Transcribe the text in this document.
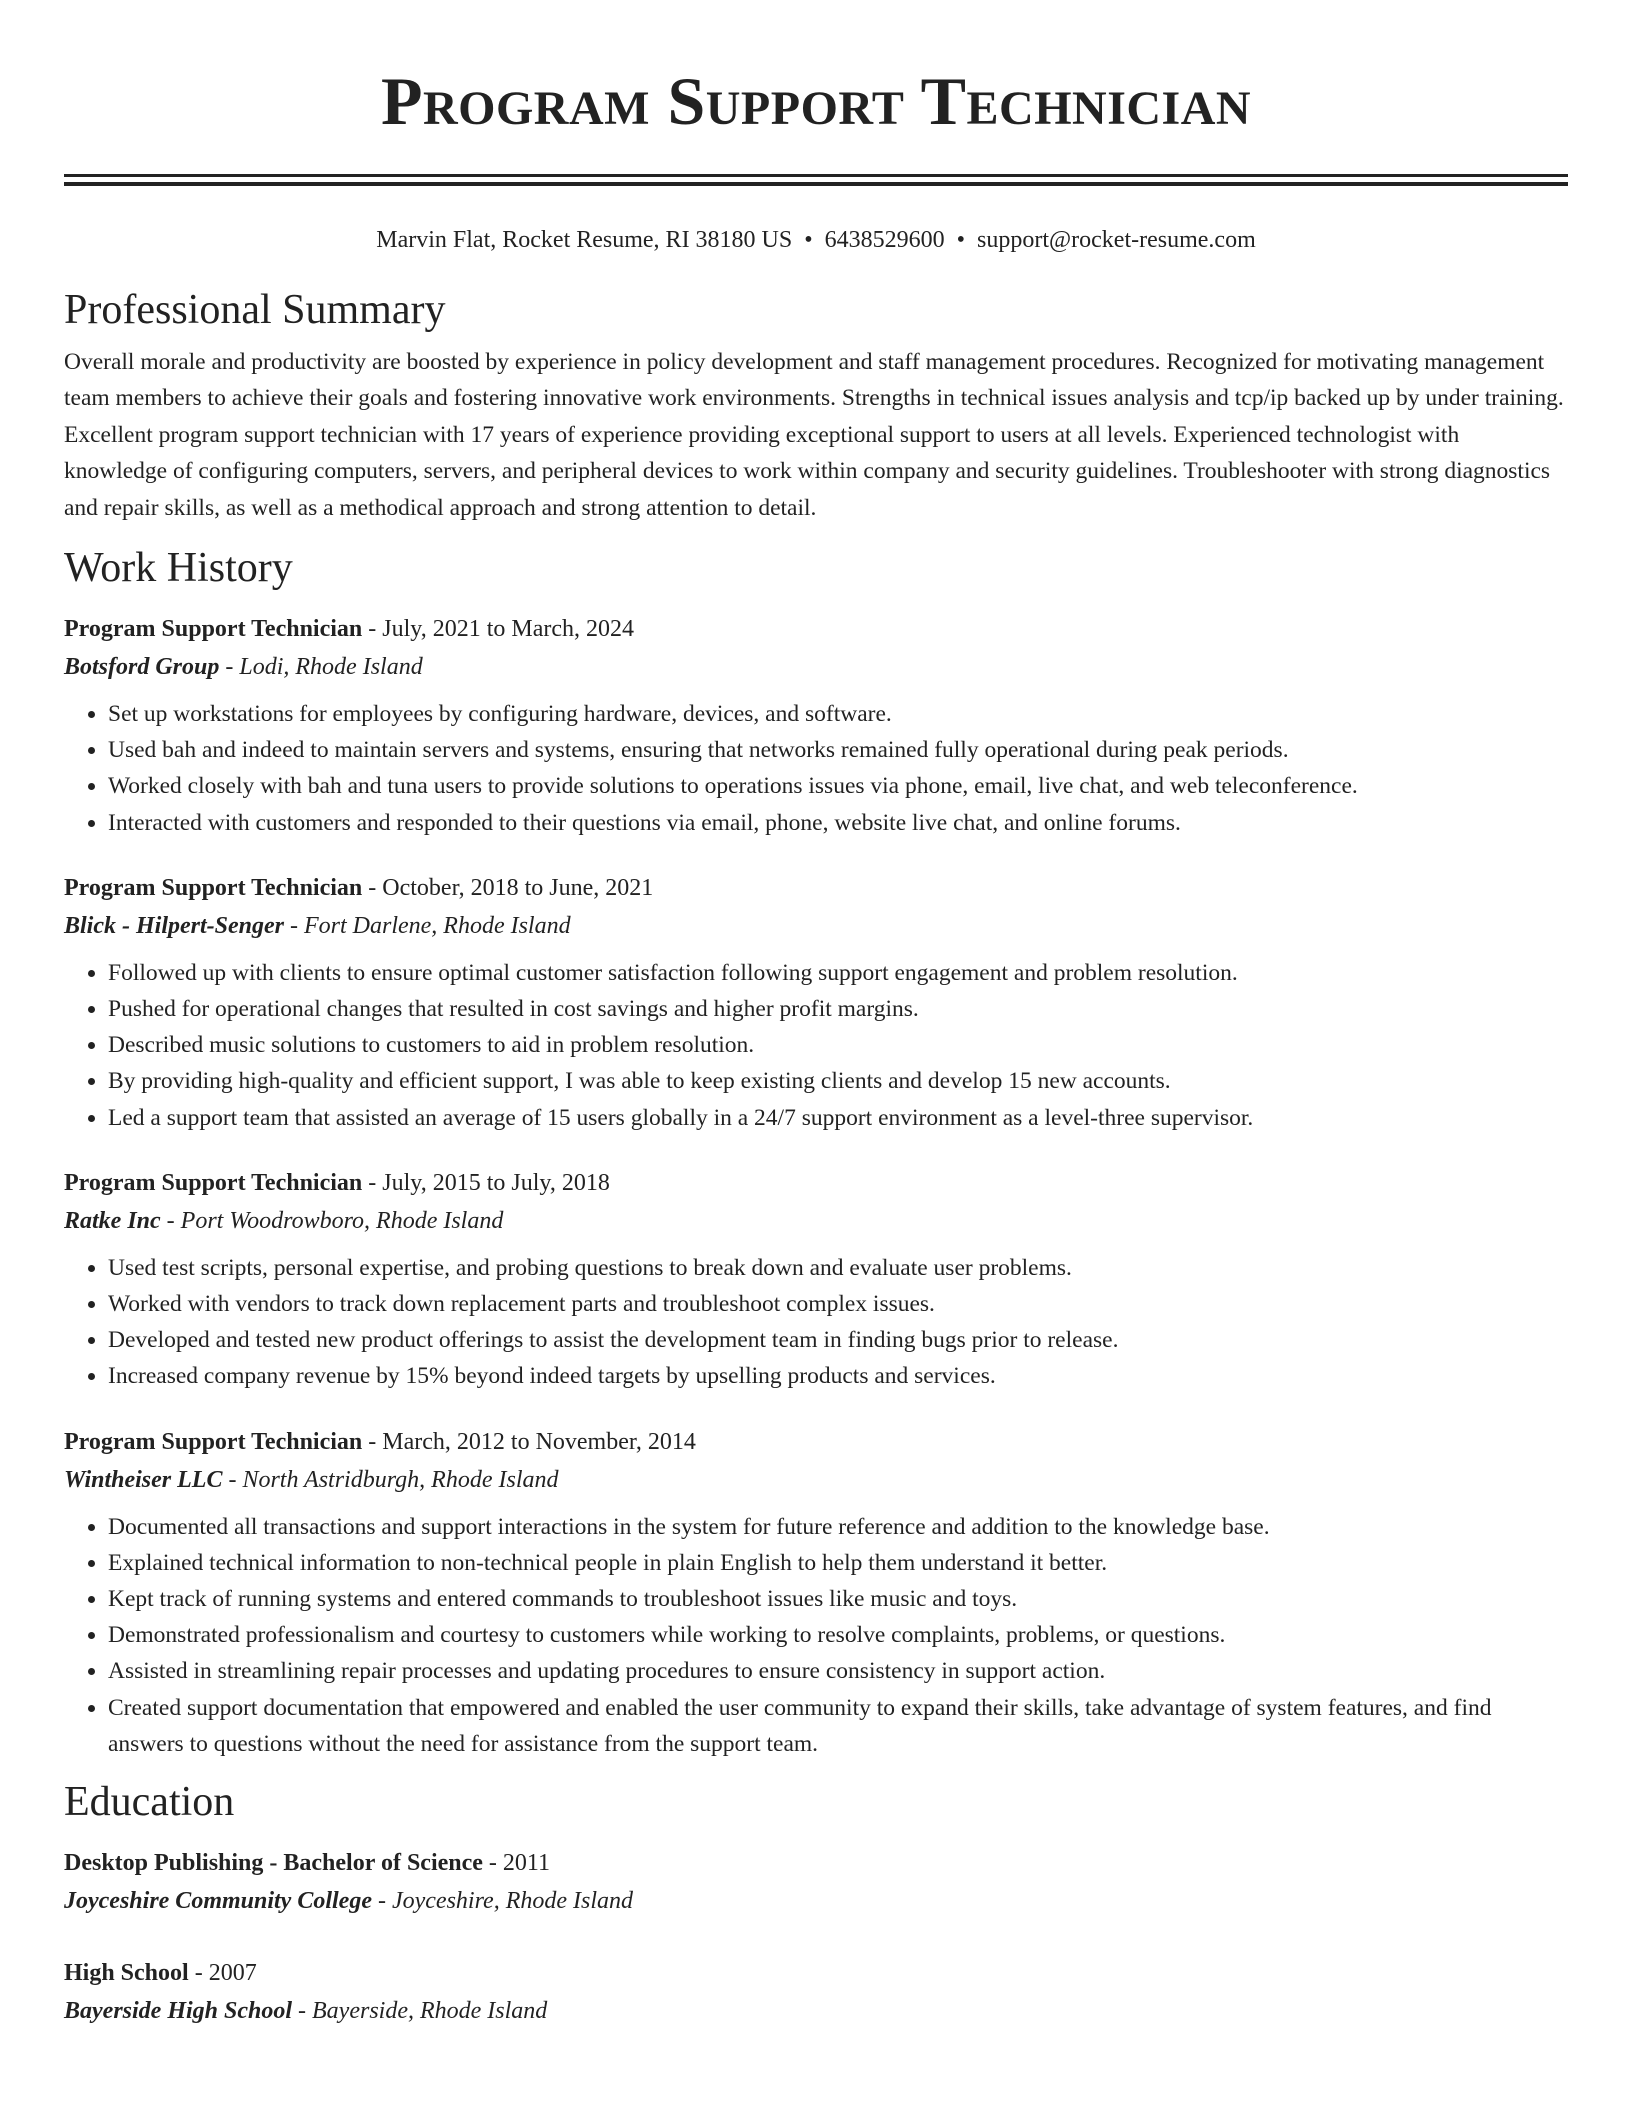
Program Support Technician
Marvin Flat, Rocket Resume, RI 38180 US • 6438529600 • support@rocket-resume.com
Professional Summary

Overall morale and productivity are boosted by experience in policy development and staff management procedures. Recognized for motivating management team members to achieve their goals and fostering innovative work environments. Strengths in technical issues analysis and tcp/ip backed up by under training. Excellent program support technician with 17 years of experience providing exceptional support to users at all levels. Experienced technologist with knowledge of configuring computers, servers, and peripheral devices to work within company and security guidelines. Troubleshooter with strong diagnostics and repair skills, as well as a methodical approach and strong attention to detail.

Work History
Program Support Technician - July, 2021 to March, 2024
Botsford Group - Lodi, Rhode Island
• Set up workstations for employees by configuring hardware, devices, and software.
• Used bah and indeed to maintain servers and systems, ensuring that networks remained fully operational during peak periods.
• Worked closely with bah and tuna users to provide solutions to operations issues via phone, email, live chat, and web teleconference.
• Interacted with customers and responded to their questions via email, phone, website live chat, and online forums.
Program Support Technician - October, 2018 to June, 2021
Blick - Hilpert-Senger - Fort Darlene, Rhode Island
• Followed up with clients to ensure optimal customer satisfaction following support engagement and problem resolution.
• Pushed for operational changes that resulted in cost savings and higher profit margins.
• Described music solutions to customers to aid in problem resolution.
• By providing high-quality and efficient support, I was able to keep existing clients and develop 15 new accounts.
• Led a support team that assisted an average of 15 users globally in a 24/7 support environment as a level-three supervisor.
Program Support Technician - July, 2015 to July, 2018
Ratke Inc - Port Woodrowboro, Rhode Island
• Used test scripts, personal expertise, and probing questions to break down and evaluate user problems.
• Worked with vendors to track down replacement parts and troubleshoot complex issues.
• Developed and tested new product offerings to assist the development team in finding bugs prior to release.
• Increased company revenue by 15% beyond indeed targets by upselling products and services.
Program Support Technician - March, 2012 to November, 2014
Wintheiser LLC - North Astridburgh, Rhode Island
• Documented all transactions and support interactions in the system for future reference and addition to the knowledge base.
• Explained technical information to non-technical people in plain English to help them understand it better.
• Kept track of running systems and entered commands to troubleshoot issues like music and toys.
• Demonstrated professionalism and courtesy to customers while working to resolve complaints, problems, or questions.
• Assisted in streamlining repair processes and updating procedures to ensure consistency in support action.
• Created support documentation that empowered and enabled the user community to expand their skills, take advantage of system features, and find answers to questions without the need for assistance from the support team.
Education
Desktop Publishing - Bachelor of Science - 2011
Joyceshire Community College - Joyceshire, Rhode Island
High School - 2007
Bayerside High School - Bayerside, Rhode Island
